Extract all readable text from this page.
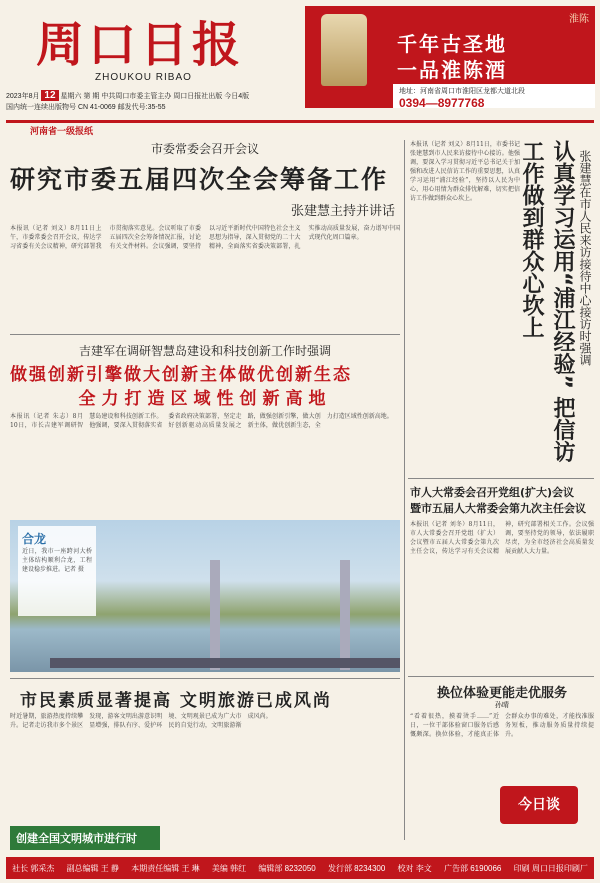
周口日报
ZHOUKOU RIBAO
淮陈
千年古圣地
一品淮陈酒
地址：河南省周口市淮阳区龙都大道北段
0394—8977768
2023年8月 12 星期六 第 期 中共周口市委主管主办 周口日报社出版 今日4版
国内统一连续出版物号 CN 41-0069 邮发代号:35-55
河南省一级报纸
市委常委会召开会议
研究市委五届四次全会筹备工作
张建慧主持并讲话
本报讯（记者 刘义）8月11日上午，市委常委会召开会议，传达学习省委有关会议精神，研究部署我市贯彻落实意见。会议听取了市委五届四次全会筹备情况汇报，讨论有关文件材料。会议强调，要坚持以习近平新时代中国特色社会主义思想为指导，深入贯彻党的二十大精神，全面落实省委决策部署，扎实推动高质量发展，奋力谱写中国式现代化周口篇章。
本报讯（记者 刘义）8月11日，市委书记张建慧到市人民来访接待中心接访。他强调，要深入学习贯彻习近平总书记关于加强和改进人民信访工作的重要思想，认真学习运用“浦江经验”，坚持以人民为中心，用心用情为群众排忧解难，切实把信访工作做到群众心坎上。	认真学习运用“浦江经验” 把信访工作做到群众心坎上	张建慧在市人民来访接待中心接访时强调
吉建军在调研智慧岛建设和科技创新工作时强调
做强创新引擎做大创新主体做优创新生态
全力打造区域性创新高地
本报讯（记者 朱志）8月10日，市长吉建军调研智慧岛建设和科技创新工作。他强调，要深入贯彻落实省委省政府决策部署，坚定走好创新驱动高质量发展之路，做强创新引擎，做大创新主体，做优创新生态，全力打造区域性创新高地。
合龙
近日，我市一座跨河大桥主体结构顺利合龙，工程建设稳步推进。记者 摄
市人大常委会召开党组(扩大)会议
暨市五届人大常委会第九次主任会议
本报讯（记者 刘冬）8月11日，市人大常委会召开党组（扩大）会议暨市五届人大常委会第九次主任会议，传达学习有关会议精神，研究部署相关工作。会议强调，要坚持党的领导，依法履职尽责，为全市经济社会高质量发展贡献人大力量。
换位体验更能走优服务
孙晴
“看着很热，摸着烫手……”近日，一位干部体验窗口服务后感慨颇深。换位体验，才能真正体会群众办事的难处，才能找准服务短板，推动服务质量持续提升。
今日谈
市民素质显著提高 文明旅游已成风尚
时近暑期，旅游热度持续攀升。记者走访我市多个景区发现，游客文明出游意识明显增强，排队有序、爱护环境、文明观景已成为广大市民的自觉行动，文明旅游渐成风尚。
创建全国文明城市进行时
社长 郭采杰 副总编辑 王 静 本期责任编辑 王 琳 美编 韩红 编辑部 8232050 发行部 8234300 校对 李文 广告部 6190066 印刷 周口日报印刷厂
